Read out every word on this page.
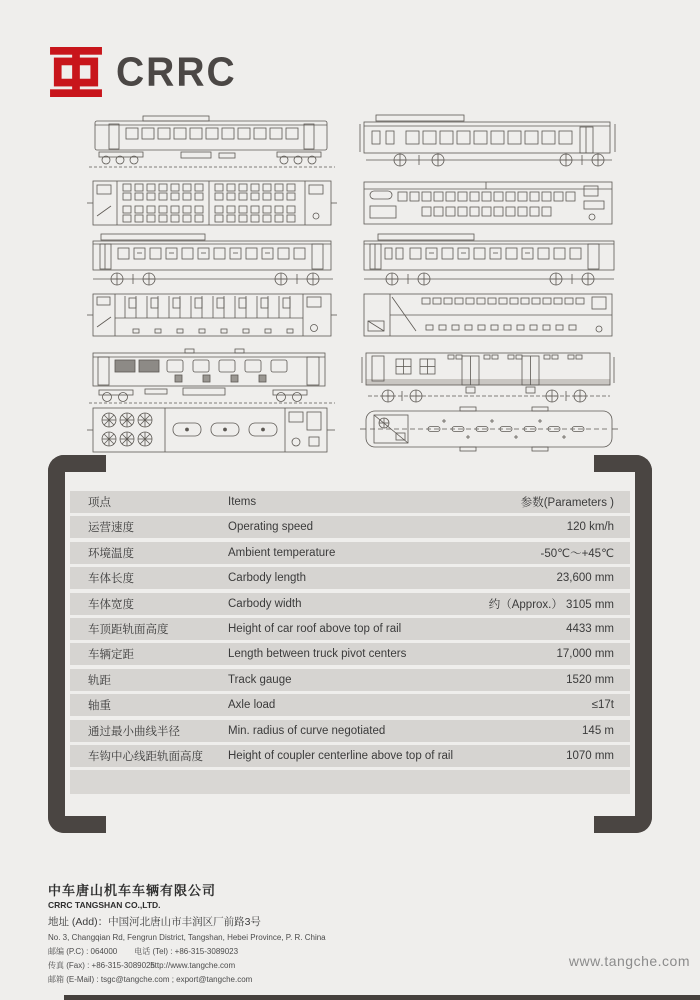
CRRC
项点	Items	参数(Parameters )
运营速度	Operating speed	120 km/h
环境温度	Ambient temperature	-50℃～+45℃
车体长度	Carbody length	23,600 mm
车体宽度	Carbody width	约（Approx.） 3105 mm
车顶距轨面高度	Height of car roof above top of rail	4433 mm
车辆定距	Length between truck pivot centers	17,000 mm
轨距	Track gauge	1520 mm
轴重	Axle load	≤17t
通过最小曲线半径	Min. radius of curve negotiated	145 m
车钩中心线距轨面高度	Height of coupler centerline above top of rail	1070 mm
中车唐山机车车辆有限公司
CRRC TANGSHAN CO.,LTD.
地址 (Add)：中国河北唐山市丰润区厂前路3号
No. 3, Changqian Rd, Fengrun District, Tangshan, Hebei Province, P. R. China
邮编 (P.C) : 064000 电话 (Tel) : +86-315-3089023
传真 (Fax) : +86-315-3089025 http://www.tangche.com
邮箱 (E-Mail) : tsgc@tangche.com ; export@tangche.com
www.tangche.com
